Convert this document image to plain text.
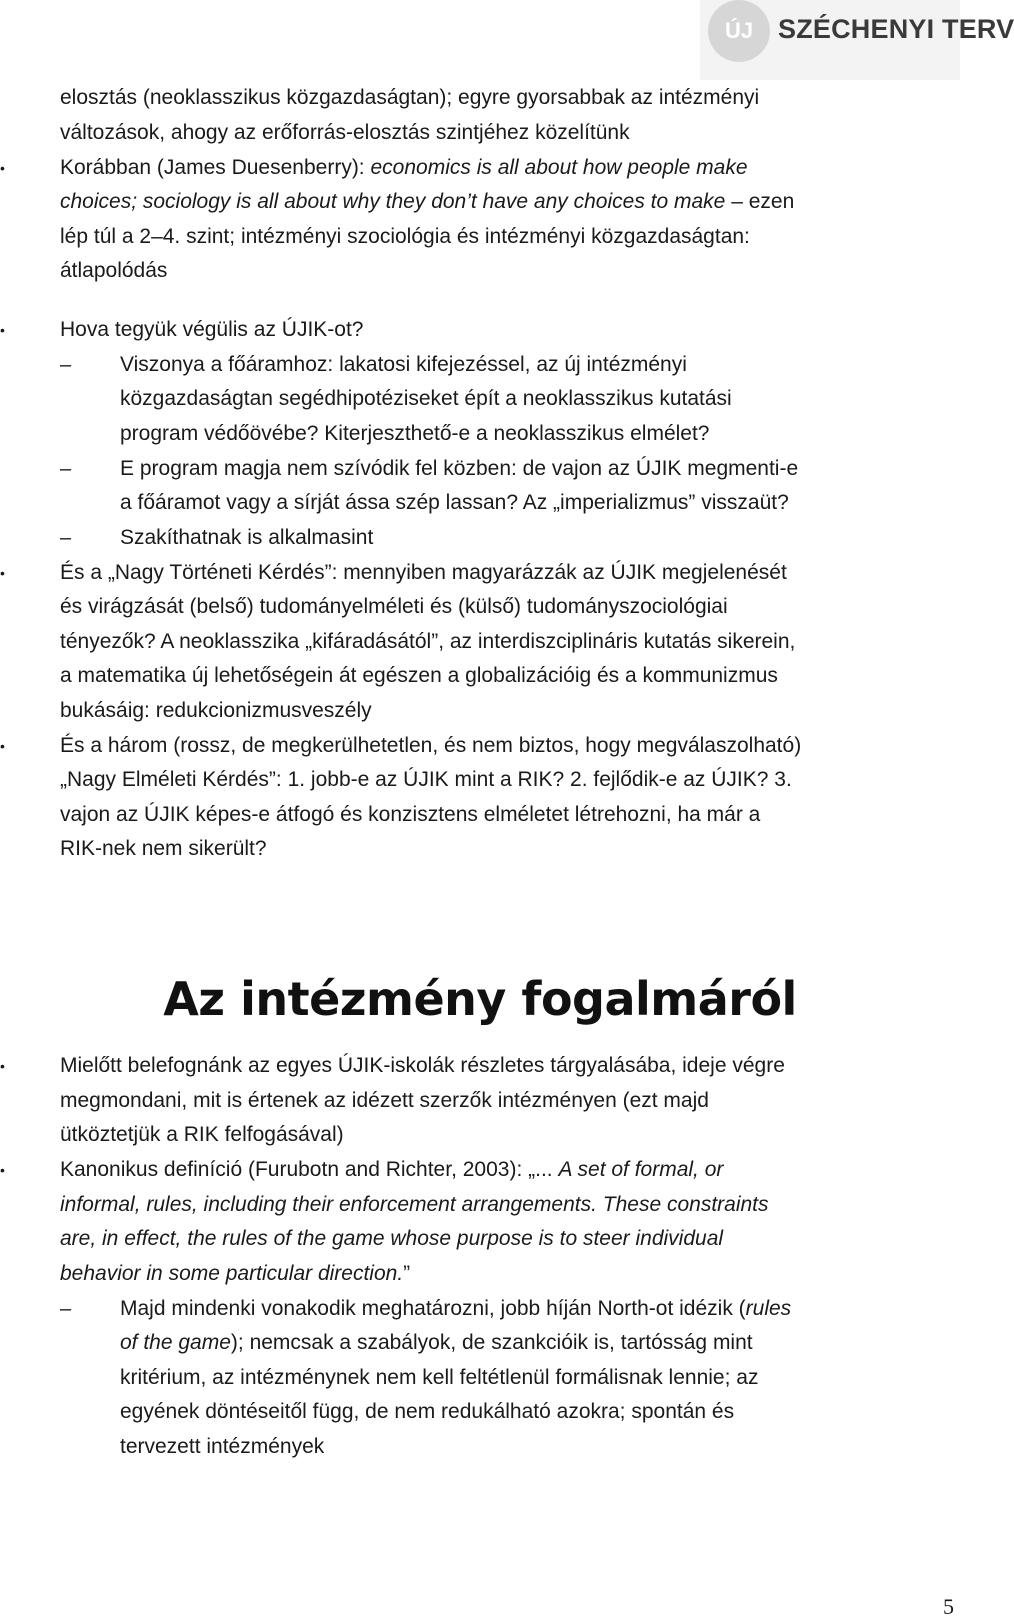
ÚJ SZÉCHENYI TERV
elosztás (neoklasszikus közgazdaságtan); egyre gyorsabbak az intézményi
változások, ahogy az erőforrás-elosztás szintjéhez közelítünk
•	Korábban (James Duesenberry): economics is all about how people make
choices; sociology is all about why they don’t have any choices to make – ezen
lép túl a 2–4. szint; intézményi szociológia és intézményi közgazdaságtan:
átlapolódás
•	Hova tegyük végülis az ÚJIK-ot?
– Viszonya a főáramhoz: lakatosi kifejezéssel, az új intézményi
közgazdaságtan segédhipotéziseket épít a neoklasszikus kutatási
program védőövébe? Kiterjeszthető-e a neoklasszikus elmélet?
– E program magja nem szívódik fel közben: de vajon az ÚJIK megmenti-e
a főáramot vagy a sírját ássa szép lassan? Az „imperializmus” visszaüt?
– Szakíthatnak is alkalmasint
•	És a „Nagy Történeti Kérdés”: mennyiben magyarázzák az ÚJIK megjelenését
és virágzását (belső) tudományelméleti és (külső) tudományszociológiai
tényezők? A neoklasszika „kifáradásától”, az interdiszciplináris kutatás sikerein,
a matematika új lehetőségein át egészen a globalizációig és a kommunizmus
bukásáig: redukcionizmusveszély
•	És a három (rossz, de megkerülhetetlen, és nem biztos, hogy megválaszolható)
„Nagy Elméleti Kérdés”: 1. jobb-e az ÚJIK mint a RIK? 2. fejlődik-e az ÚJIK? 3.
vajon az ÚJIK képes-e átfogó és konzisztens elméletet létrehozni, ha már a
RIK-nek nem sikerült?
Az intézmény fogalmáról
•	Mielőtt belefognánk az egyes ÚJIK-iskolák részletes tárgyalásába, ideje végre
megmondani, mit is értenek az idézett szerzők intézményen (ezt majd
ütköztetjük a RIK felfogásával)
•	Kanonikus definíció (Furubotn and Richter, 2003): „... A set of formal, or
informal, rules, including their enforcement arrangements. These constraints
are, in effect, the rules of the game whose purpose is to steer individual
behavior in some particular direction.”
– Majd mindenki vonakodik meghatározni, jobb híján North-ot idézik (rules
of the game); nemcsak a szabályok, de szankcióik is, tartósság mint
kritérium, az intézménynek nem kell feltétlenül formálisnak lennie; az
egyének döntéseitől függ, de nem redukálható azokra; spontán és
tervezett intézmények
5
